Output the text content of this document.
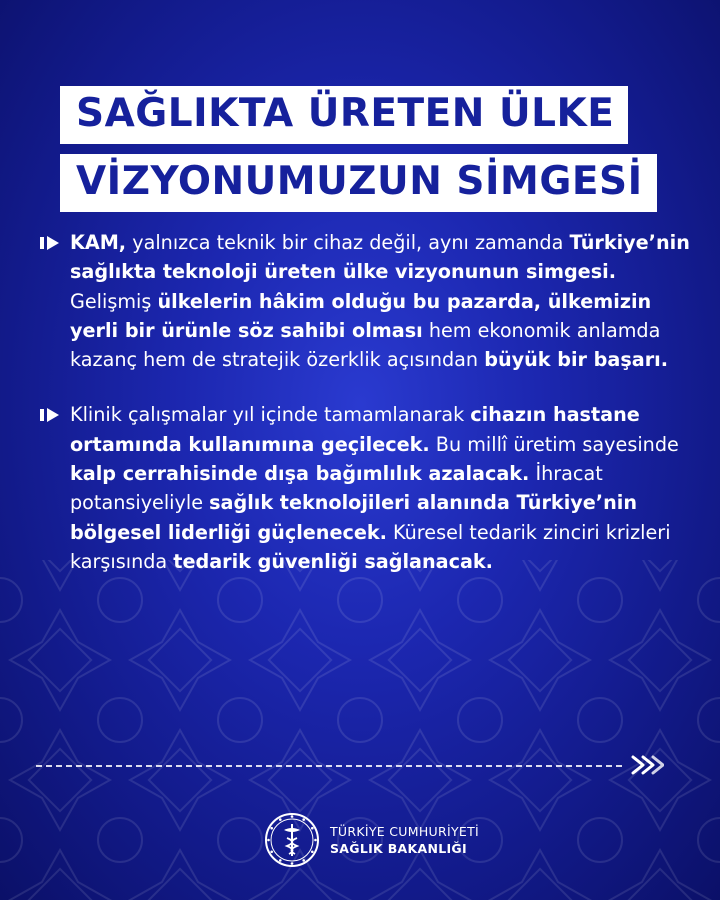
SAĞLIKTA ÜRETEN ÜLKE
VİZYONUMUZUN SİMGESİ
KAM, yalnızca teknik bir cihaz değil, aynı zamanda Türkiye’nin sağlıkta teknoloji üreten ülke vizyonunun simgesi. Gelişmiş ülkelerin hâkim olduğu bu pazarda, ülkemizin yerli bir ürünle söz sahibi olması hem ekonomik anlamda kazanç hem de stratejik özerklik açısından büyük bir başarı.
Klinik çalışmalar yıl içinde tamamlanarak cihazın hastane ortamında kullanımına geçilecek. Bu millî üretim sayesinde kalp cerrahisinde dışa bağımlılık azalacak. İhracat potansiyeliyle sağlık teknolojileri alanında Türkiye’nin bölgesel liderliği güçlenecek. Küresel tedarik zinciri krizleri karşısında tedarik güvenliği sağlanacak.
TÜRKİYE CUMHURİYETİ
SAĞLIK BAKANLIĞI
